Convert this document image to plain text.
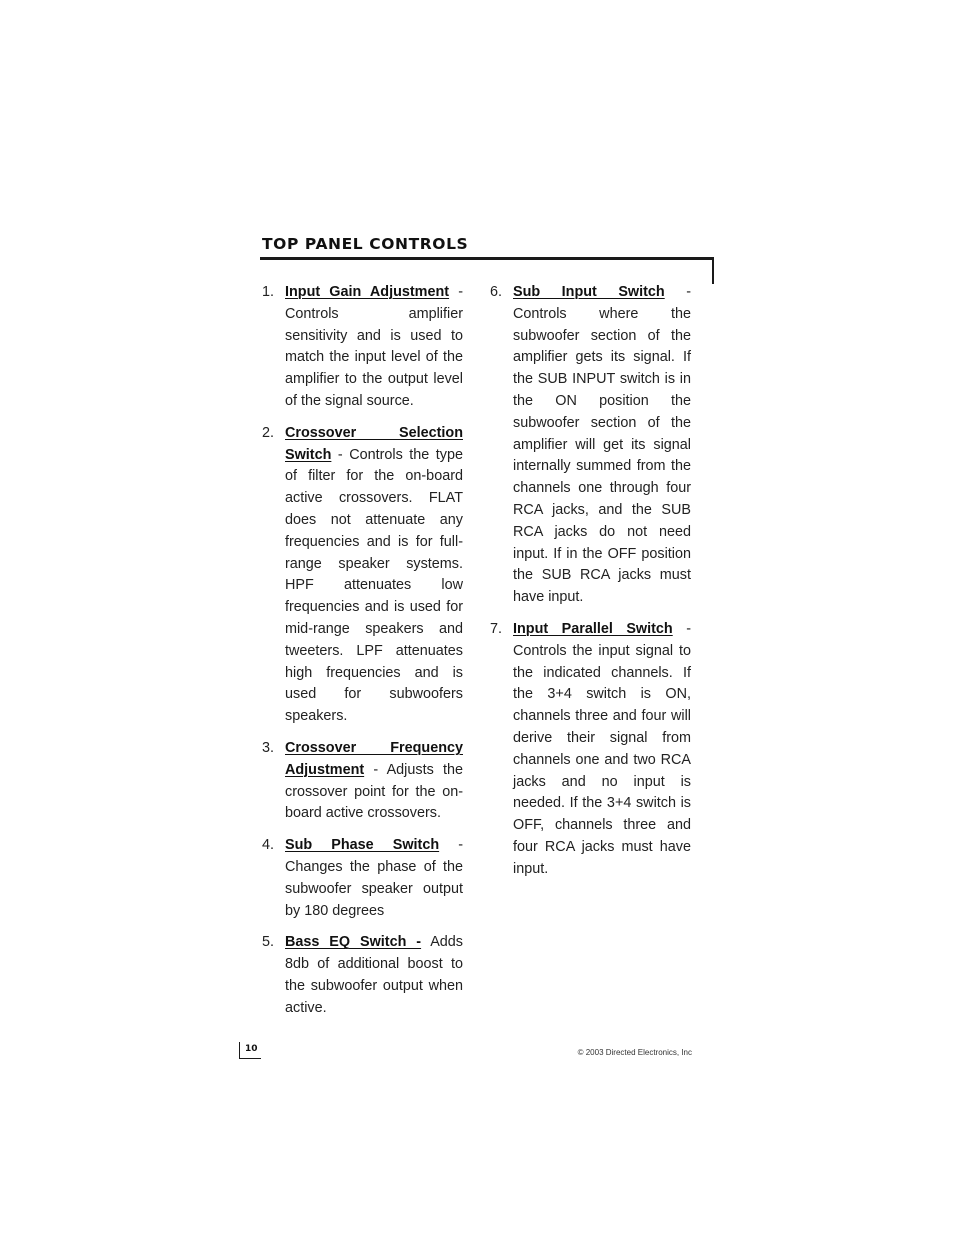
TOP PANEL CONTROLS
1. Input Gain Adjustment - Controls amplifier sensitivity and is used to match the input level of the amplifier to the output level of the signal source.
2. Crossover Selection Switch - Controls the type of filter for the on-board active crossovers. FLAT does not attenuate any frequencies and is for full-range speaker systems. HPF attenuates low frequencies and is used for mid-range speakers and tweeters. LPF attenuates high frequencies and is used for subwoofers speakers.
3. Crossover Frequency Adjustment - Adjusts the crossover point for the on-board active crossovers.
4. Sub Phase Switch - Changes the phase of the subwoofer speaker output by 180 degrees
5. Bass EQ Switch - Adds 8db of additional boost to the subwoofer output when active.
6. Sub Input Switch - Controls where the subwoofer section of the amplifier gets its signal. If the SUB INPUT switch is in the ON position the subwoofer section of the amplifier will get its signal internally summed from the channels one through four RCA jacks, and the SUB RCA jacks do not need input. If in the OFF position the SUB RCA jacks must have input.
7. Input Parallel Switch - Controls the input signal to the indicated channels. If the 3+4 switch is ON, channels three and four will derive their signal from channels one and two RCA jacks and no input is needed. If the 3+4 switch is OFF, channels three and four RCA jacks must have input.
10	© 2003 Directed Electronics, Inc
